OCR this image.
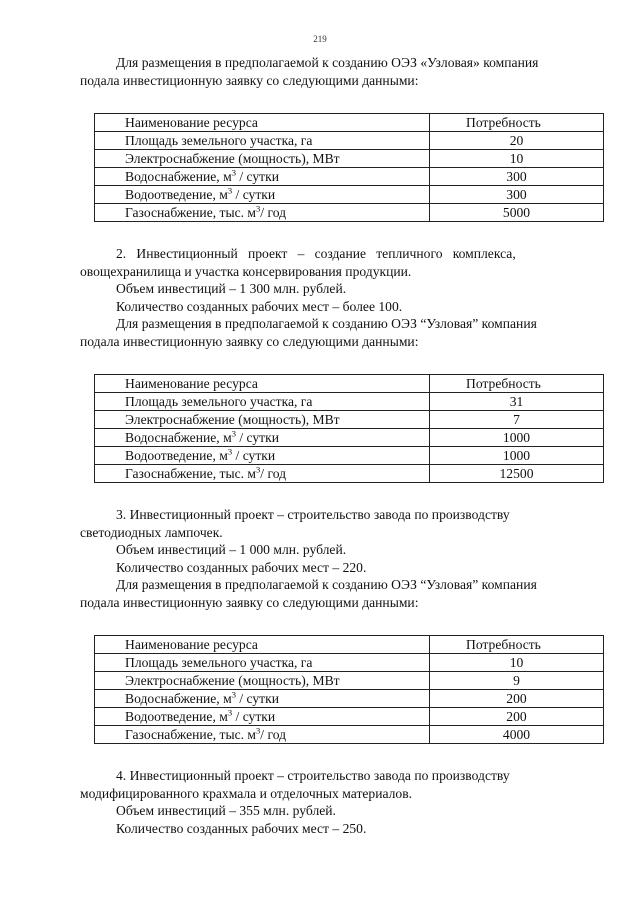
219

Для размещения в предполагаемой к созданию ОЭЗ «Узловая» компания

подала инвестиционную заявку со следующими данными:

Наименование ресурса	Потребность
Площадь земельного участка, га	20
Электроснабжение (мощность), МВт	10
Водоснабжение, $м^3$ / сутки	300
Водоотведение, $м^3$ / сутки	300
Газоснабжение, тыс. $м^3/$ год	5000

2.   Инвестиционный   проект   –   создание   тепличного   комплекса,

овощехранилища и участка консервирования продукции.

Объем инвестиций – 1 300 млн. рублей.

Количество созданных рабочих мест – более 100.

Для размещения в предполагаемой к созданию ОЭЗ “Узловая” компания

подала инвестиционную заявку со следующими данными:

Наименование ресурса	Потребность
Площадь земельного участка, га	31
Электроснабжение (мощность), МВт	7
Водоснабжение, $м^3$ / сутки	1000
Водоотведение, $м^3$ / сутки	1000
Газоснабжение, тыс. $м^3/$ год	12500

3. Инвестиционный проект – строительство завода по производству

светодиодных лампочек.

Объем инвестиций – 1 000 млн. рублей.

Количество созданных рабочих мест – 220.

Для размещения в предполагаемой к созданию ОЭЗ “Узловая” компания

подала инвестиционную заявку со следующими данными:

Наименование ресурса	Потребность
Площадь земельного участка, га	10
Электроснабжение (мощность), МВт	9
Водоснабжение, $м^3$ / сутки	200
Водоотведение, $м^3$ / сутки	200
Газоснабжение, тыс. $м^3/$ год	4000

4. Инвестиционный проект – строительство завода по производству

модифицированного крахмала и отделочных материалов.

Объем инвестиций – 355 млн. рублей.

Количество созданных рабочих мест – 250.
